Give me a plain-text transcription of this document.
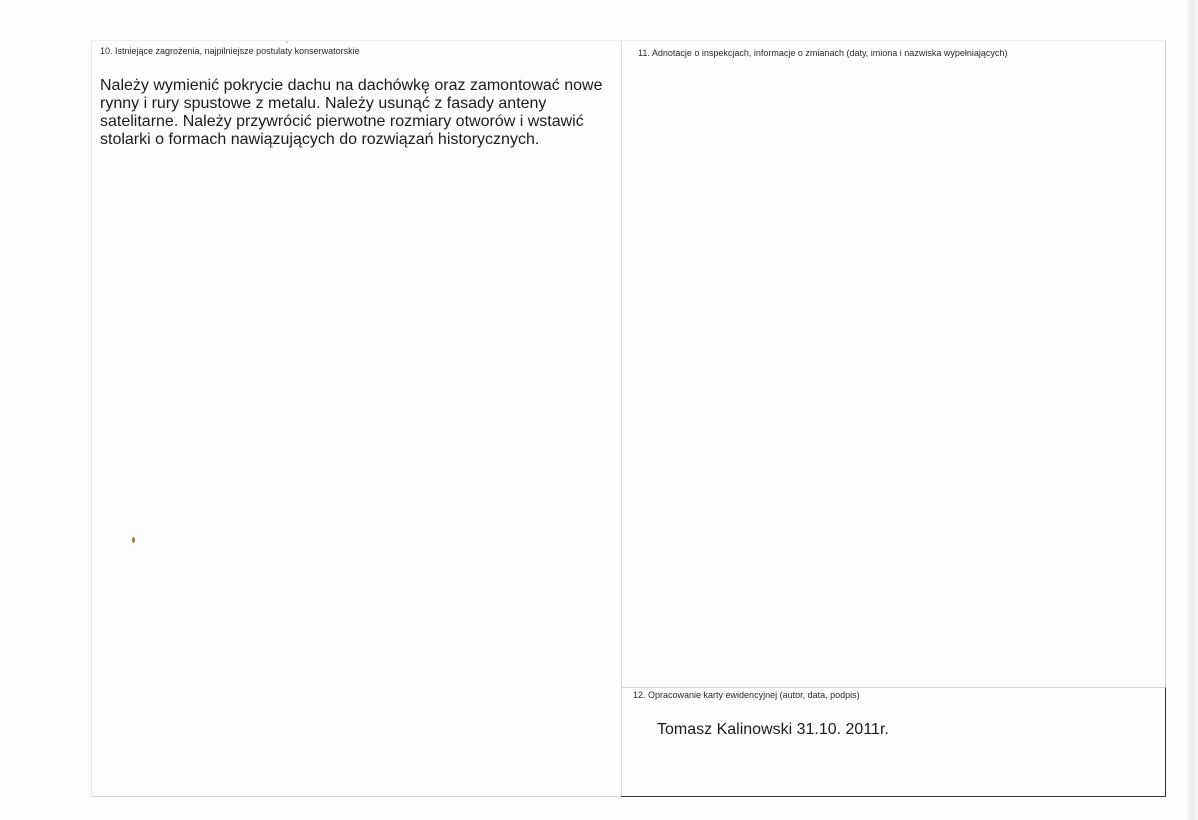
10. Istniejące zagrożenia, najpilniejsze postulaty konserwatorskie
Należy wymienić pokrycie dachu na dachówkę oraz zamontować nowe rynny i rury spustowe z metalu. Należy usunąć z fasady anteny satelitarne. Należy przywrócić pierwotne rozmiary otworów i wstawić stolarki o formach nawiązujących do rozwiązań historycznych.
11. Adnotacje o inspekcjach, informacje o zmianach (daty, imiona i nazwiska wypełniających)
12. Opracowanie karty ewidencyjnej (autor, data, podpis)
Tomasz Kalinowski 31.10. 2011r.
